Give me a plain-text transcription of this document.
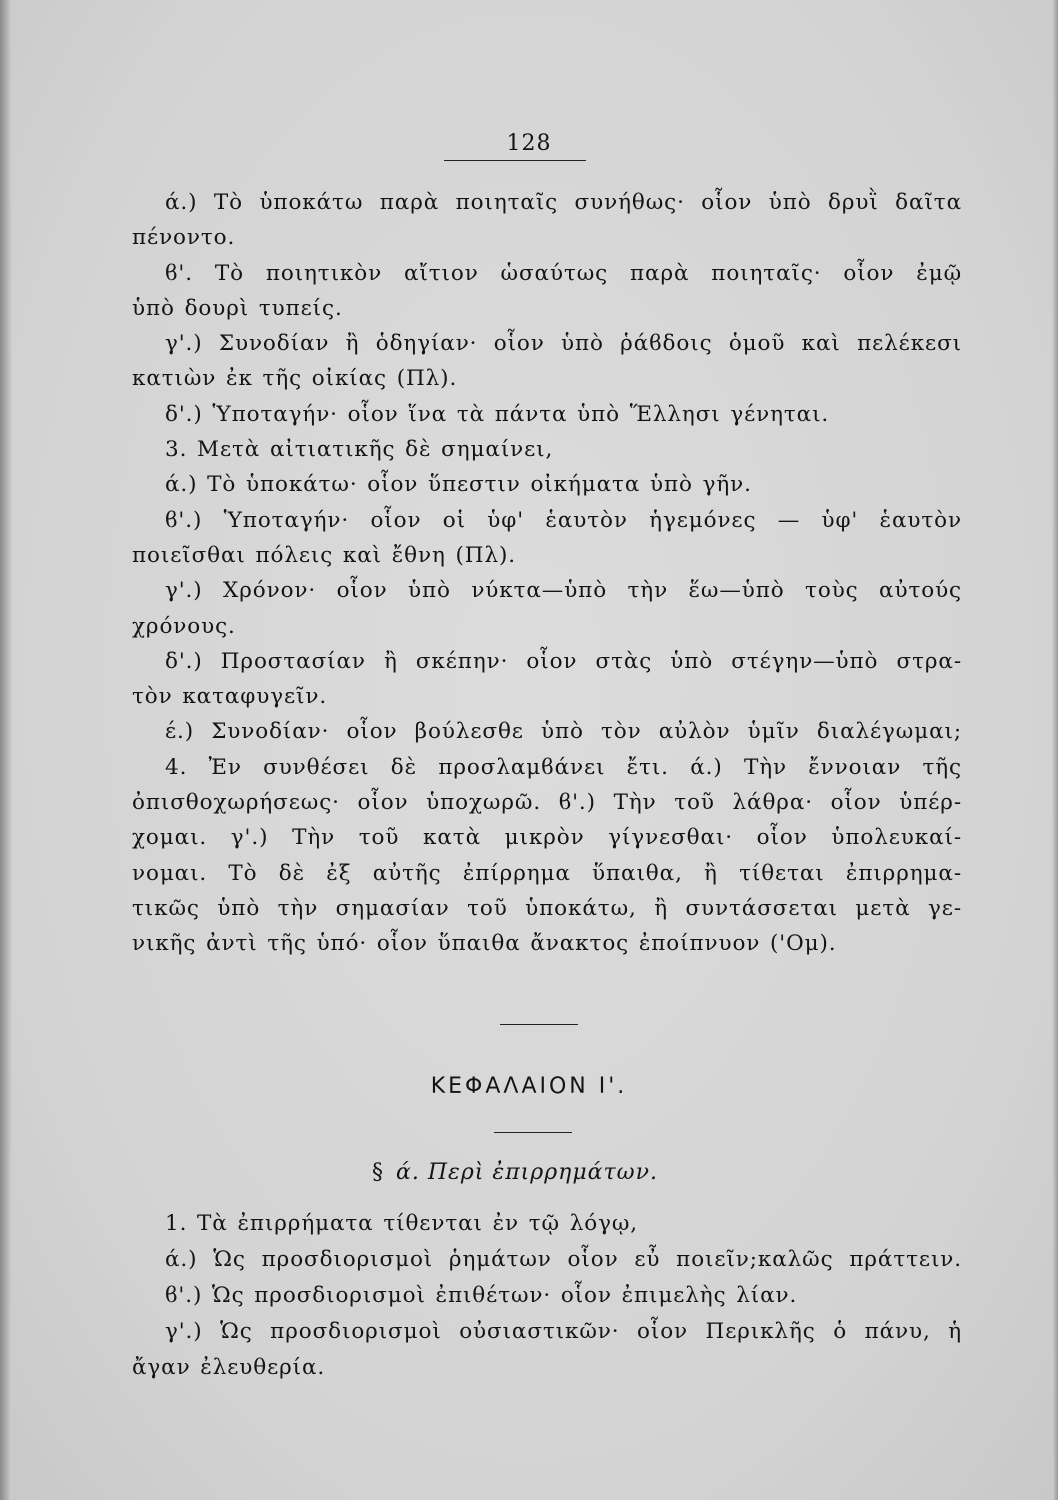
128
ά.) Τὸ ὑποκάτω παρὰ ποιηταῖς συνήθως· οἷον ὑπὸ δρυῒ δαῖτα
πένοντο.
ϐ'. Τὸ ποιητικὸν αἴτιον ὡσαύτως παρὰ ποιηταῖς· οἷον ἐμῷ
ὑπὸ δουρὶ τυπείς.
γ'.) Συνοδίαν ἢ ὁδηγίαν· οἷον ὑπὸ ῥάϐδοις ὁμοῦ καὶ πελέκεσι
κατιὼν ἐκ τῆς οἰκίας (Πλ).
δ'.) Ὑποταγήν· οἷον ἵνα τὰ πάντα ὑπὸ Ἕλλησι γένηται.
3. Μετὰ αἰτιατικῆς δὲ σημαίνει,
ά.) Τὸ ὑποκάτω· οἷον ὕπεστιν οἰκήματα ὑπὸ γῆν.
ϐ'.) Ὑποταγήν· οἷον οἱ ὑφ' ἑαυτὸν ἡγεμόνες — ὑφ' ἑαυτὸν
ποιεῖσθαι πόλεις καὶ ἔθνη (Πλ).
γ'.) Χρόνον· οἷον ὑπὸ νύκτα—ὑπὸ τὴν ἕω—ὑπὸ τοὺς αὐτούς
χρόνους.
δ'.) Προστασίαν ἢ σκέπην· οἷον στὰς ὑπὸ στέγην—ὑπὸ στρα-
τὸν καταφυγεῖν.
έ.) Συνοδίαν· οἷον βούλεσθε ὑπὸ τὸν αὐλὸν ὑμῖν διαλέγωμαι;
4. Ἐν συνθέσει δὲ προσλαμϐάνει ἔτι. ά.) Τὴν ἔννοιαν τῆς
ὀπισθοχωρήσεως· οἷον ὑποχωρῶ. ϐ'.) Τὴν τοῦ λάθρα· οἷον ὑπέρ-
χομαι. γ'.) Τὴν τοῦ κατὰ μικρὸν γίγνεσθαι· οἷον ὑπολευκαί-
νομαι. Τὸ δὲ ἐξ αὐτῆς ἐπίρρημα ὕπαιθα, ἢ τίθεται ἐπιρρημα-
τικῶς ὑπὸ τὴν σημασίαν τοῦ ὑποκάτω, ἢ συντάσσεται μετὰ γε-
νικῆς ἀντὶ τῆς ὑπό· οἷον ὕπαιθα ἄνακτος ἐποίπνυον ('Ομ).
ΚΕΦΑΛΑΙΟΝ Ι'.
§ ά. Περὶ ἐπιρρημάτων.
1. Τὰ ἐπιρρήματα τίθενται ἐν τῷ λόγῳ,
ά.) Ὡς προσδιορισμοὶ ῥημάτων οἷον εὖ ποιεῖν;καλῶς πράττειν.
ϐ'.) Ὡς προσδιορισμοὶ ἐπιθέτων· οἷον ἐπιμελὴς λίαν.
γ'.) Ὡς προσδιορισμοὶ οὐσιαστικῶν· οἷον Περικλῆς ὁ πάνυ, ἡ
ἄγαν ἐλευθερία.
